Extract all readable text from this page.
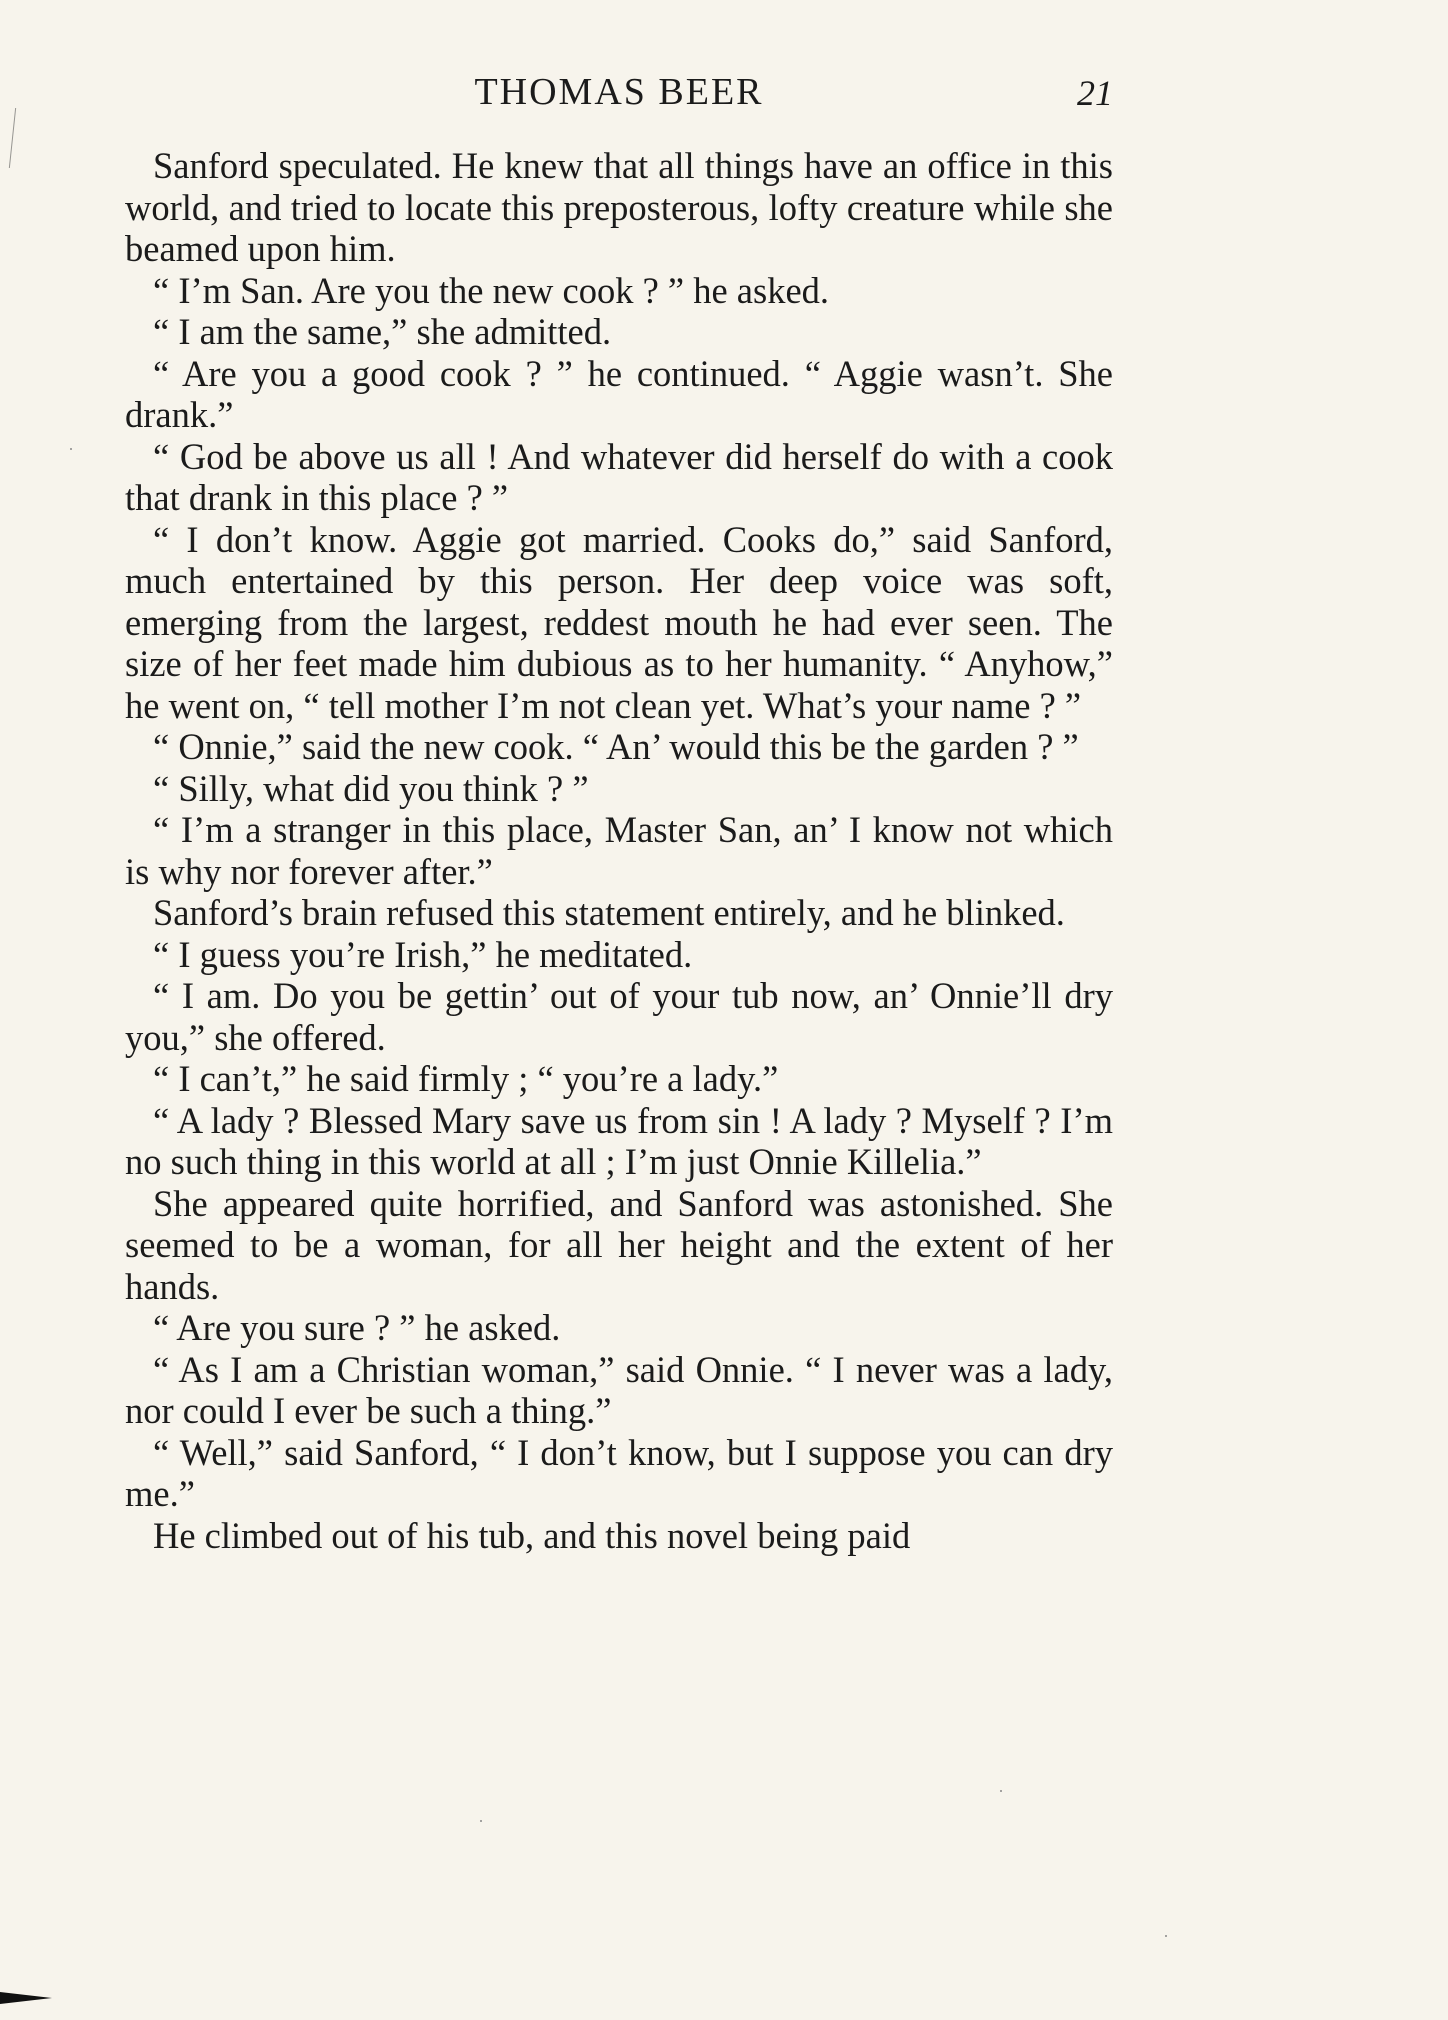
THOMAS BEER	21

Sanford speculated. He knew that all things have an office in this world, and tried to locate this preposterous, lofty creature while she beamed upon him.

“ I’m San. Are you the new cook ? ” he asked.

“ I am the same,” she admitted.

“ Are you a good cook ? ” he continued. “ Aggie wasn’t. She drank.”

“ God be above us all ! And whatever did herself do with a cook that drank in this place ? ”

“ I don’t know. Aggie got married. Cooks do,” said Sanford, much entertained by this person. Her deep voice was soft, emerging from the largest, reddest mouth he had ever seen. The size of her feet made him dubious as to her humanity. “ Anyhow,” he went on, “ tell mother I’m not clean yet. What’s your name ? ”

“ Onnie,” said the new cook. “ An’ would this be the garden ? ”

“ Silly, what did you think ? ”

“ I’m a stranger in this place, Master San, an’ I know not which is why nor forever after.”

Sanford’s brain refused this statement entirely, and he blinked.

“ I guess you’re Irish,” he meditated.

“ I am. Do you be gettin’ out of your tub now, an’ Onnie’ll dry you,” she offered.

“ I can’t,” he said firmly ; “ you’re a lady.”

“ A lady ? Blessed Mary save us from sin ! A lady ? Myself ? I’m no such thing in this world at all ; I’m just Onnie Killelia.”

She appeared quite horrified, and Sanford was astonished. She seemed to be a woman, for all her height and the extent of her hands.

“ Are you sure ? ” he asked.

“ As I am a Christian woman,” said Onnie. “ I never was a lady, nor could I ever be such a thing.”

“ Well,” said Sanford, “ I don’t know, but I suppose you can dry me.”

He climbed out of his tub, and this novel being paid
